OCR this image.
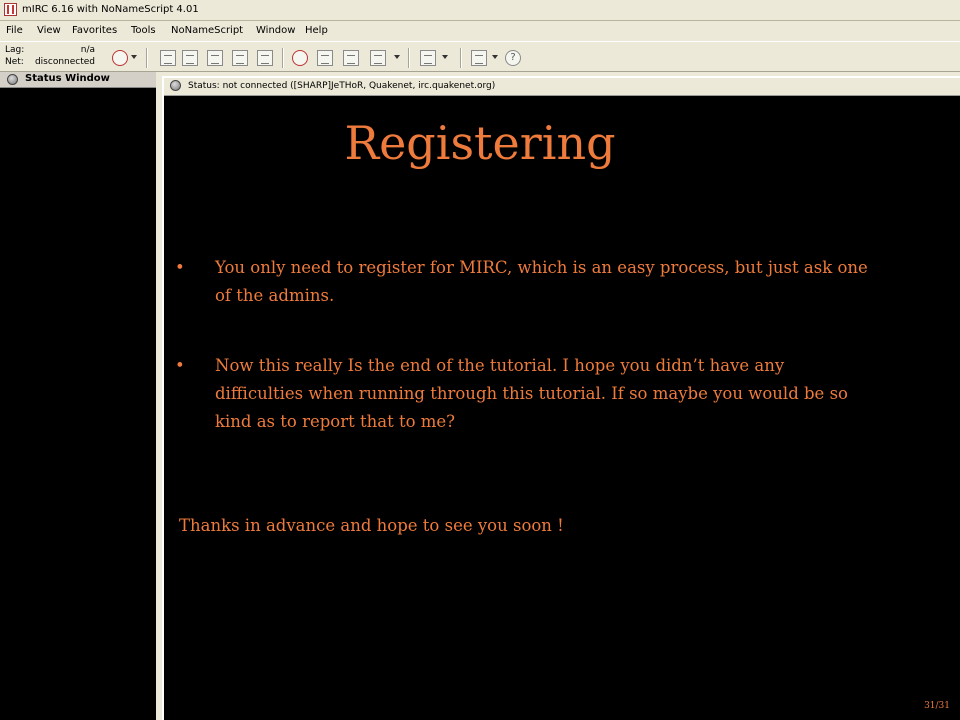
mIRC 6.16 with NoNameScript 4.01
File View Favorites Tools NoNameScript Window Help
Lag:	n/a
Net: disconnected	?
Status Window
Status: not connected ([SHARP]JeTHoR, Quakenet, irc.quakenet.org)
Registering
• You only need to register for MIRC, which is an easy process, but just ask one of the admins.
• Now this really Is the end of the tutorial. I hope you didn’t have any difficulties when running through this tutorial. If so maybe you would be so kind as to report that to me?
Thanks in advance and hope to see you soon !
31/31
